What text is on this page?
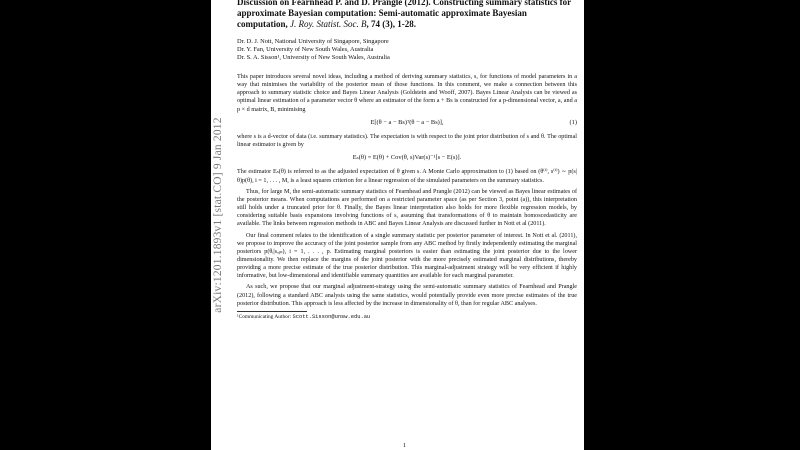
arXiv:1201.1893v1 [stat.CO] 9 Jan 2012

Discussion on Fearnhead P. and D. Prangle (2012). Constructing summary statistics for approximate Bayesian computation: Semi-automatic approximate Bayesian computation, J. Roy. Statist. Soc. B, 74 (3), 1-28.

Dr. D. J. Nott, National University of Singapore, Singapore
Dr. Y. Fan, University of New South Wales, Australia
Dr. S. A. Sisson¹, University of New South Wales, Australia

This paper introduces several novel ideas, including a method of deriving summary statistics, s, for functions of model parameters in a way that minimises the variability of the posterior mean of those functions. In this comment, we make a connection between this approach to summary statistic choice and Bayes Linear Analysis (Goldstein and Wooff, 2007). Bayes Linear Analysis can be viewed as optimal linear estimation of a parameter vector θ where an estimator of the form a + Bs is constructed for a p-dimensional vector, a, and a p × d matrix, B, minimising

E[(θ − a − Bs)ᵀ(θ − a − Bs)],	(1)

where s is a d-vector of data (i.e. summary statistics). The expectation is with respect to the joint prior distribution of s and θ. The optimal linear estimator is given by

Eₛ(θ) = E(θ) + Cov(θ, s)Var(s)⁻¹[s − E(s)].

The estimator Eₛ(θ) is referred to as the adjusted expectation of θ given s. A Monte Carlo approximation to (1) based on (θ⁽ⁱ⁾, s⁽ⁱ⁾) ∼ p(s|θ)p(θ), i = 1, . . . , M, is a least squares criterion for a linear regression of the simulated parameters on the summary statistics.

Thus, for large M, the semi-automatic summary statistics of Fearnhead and Prangle (2012) can be viewed as Bayes linear estimates of the posterior means. When computations are performed on a restricted parameter space (as per Section 3, point (a)), this interpretation still holds under a truncated prior for θ. Finally, the Bayes linear interpretation also holds for more flexible regression models, by considering suitable basis expansions involving functions of s, assuming that transformations of θ to maintain homoscedasticity are available. The links between regression methods in ABC and Bayes Linear Analysis are discussed further in Nott et al (2011).

Our final comment relates to the identification of a single summary statistic per posterior parameter of interest. In Nott et al. (2011), we propose to improve the accuracy of the joint posterior sample from any ABC method by firstly independently estimating the marginal posteriors p(θᵢ|sₒᵦₛ), i = 1, . . . , p. Estimating marginal posteriors is easier than estimating the joint posterior due to the lower dimensionality. We then replace the margins of the joint posterior with the more precisely estimated marginal distributions, thereby providing a more precise estimate of the true posterior distribution. This marginal-adjustment strategy will be very efficient if highly informative, but low-dimensional and identifiable summary quantities are available for each marginal parameter.

As such, we propose that our marginal adjustment-strategy using the semi-automatic summary statistics of Fearnhead and Prangle (2012), following a standard ABC analysis using the same statistics, would potentially provide even more precise estimates of the true posterior distribution. This approach is less affected by the increase in dimensionality of θ, than for regular ABC analyses.

¹Communicating Author: Scott.Sisson@unsw.edu.au
1
